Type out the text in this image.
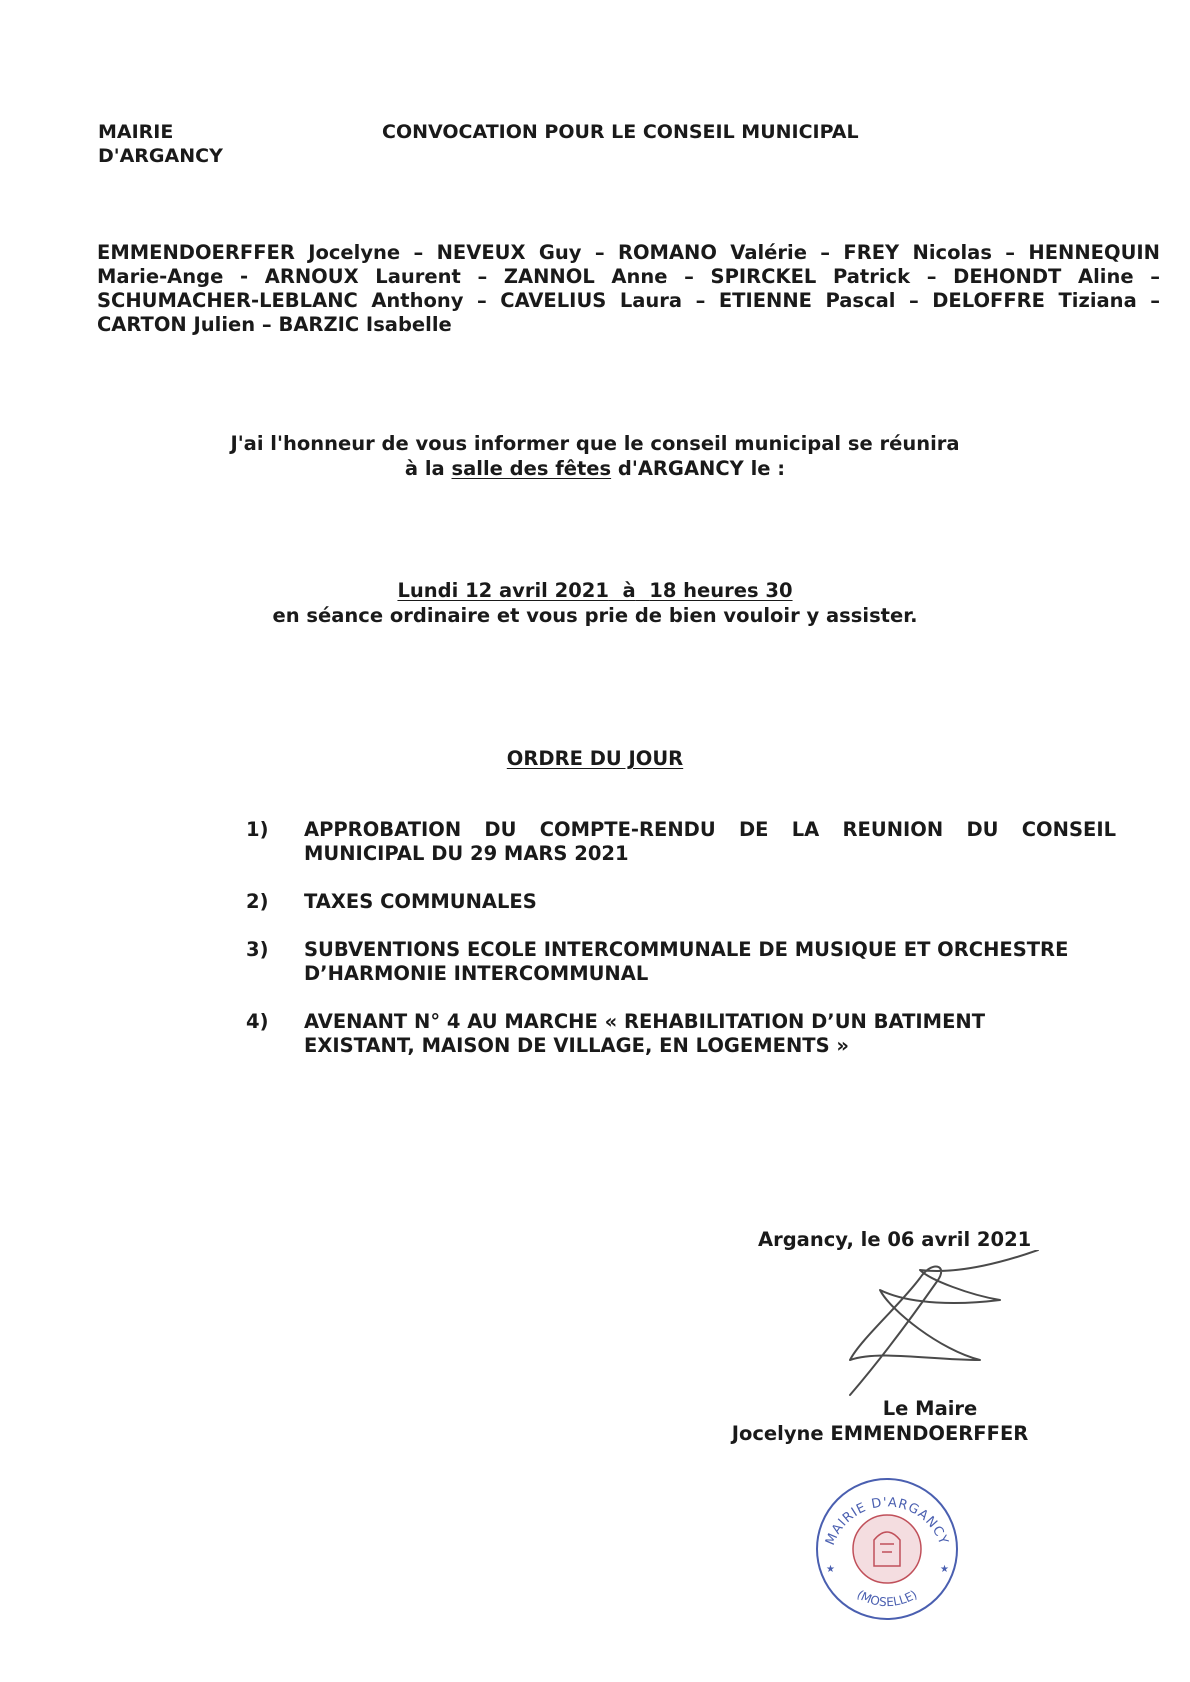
MAIRIE
D'ARGANCY
CONVOCATION POUR LE CONSEIL MUNICIPAL
EMMENDOERFFER Jocelyne – NEVEUX Guy – ROMANO Valérie – FREY Nicolas – HENNEQUIN
Marie-Ange - ARNOUX Laurent – ZANNOL Anne – SPIRCKEL Patrick – DEHONDT Aline –
SCHUMACHER-LEBLANC Anthony – CAVELIUS Laura – ETIENNE Pascal – DELOFFRE Tiziana –
CARTON Julien – BARZIC Isabelle
J'ai l'honneur de vous informer que le conseil municipal se réunira
à la salle des fêtes d'ARGANCY le :
Lundi 12 avril 2021 à 18 heures 30
en séance ordinaire et vous prie de bien vouloir y assister.
ORDRE DU JOUR
1)	APPROBATION DU COMPTE-RENDU DE LA REUNION DU CONSEIL
MUNICIPAL DU 29 MARS 2021
2)	TAXES COMMUNALES
3)	SUBVENTIONS ECOLE INTERCOMMUNALE DE MUSIQUE ET ORCHESTRE
D’HARMONIE INTERCOMMUNAL
4)	AVENANT N° 4 AU MARCHE « REHABILITATION D’UN BATIMENT
EXISTANT, MAISON DE VILLAGE, EN LOGEMENTS »
Argancy, le 06 avril 2021
Le Maire
Jocelyne EMMENDOERFFER
MAIRIE D'ARGANCY
(MOSELLE)
★	★
